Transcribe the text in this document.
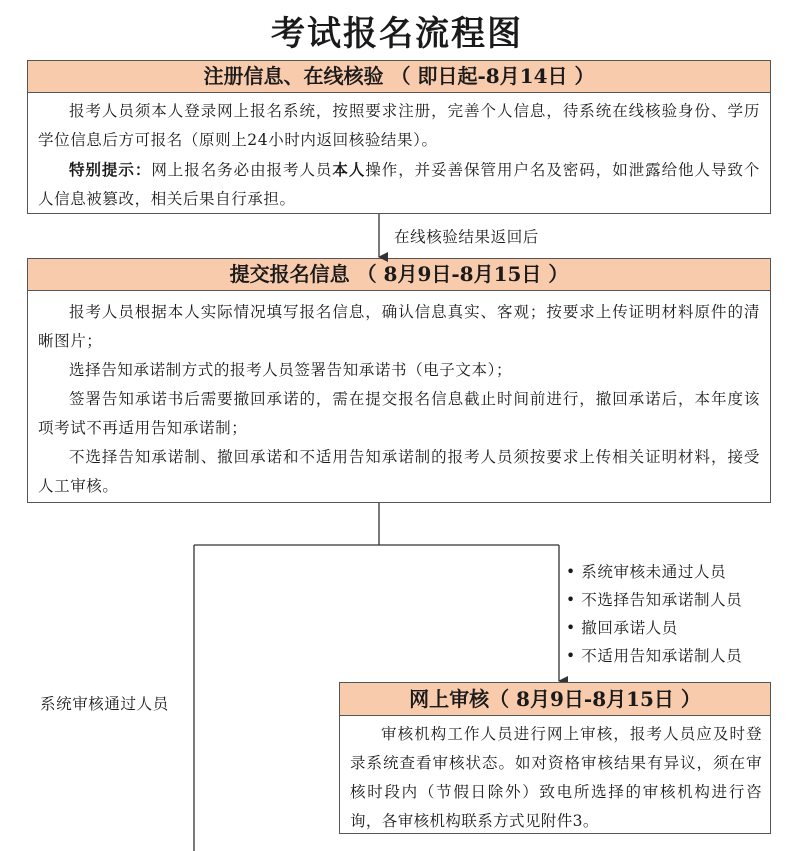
考试报名流程图
注册信息、在线核验 （ 即日起-8月14日 ）
报考人员须本人登录网上报名系统，按照要求注册，完善个人信息，待系统在线核验身份、学历学位信息后方可报名（原则上24小时内返回核验结果）。
特别提示：网上报名务必由报考人员本人操作，并妥善保管用户名及密码，如泄露给他人导致个人信息被篡改，相关后果自行承担。
在线核验结果返回后
提交报名信息 （ 8月9日-8月15日 ）
报考人员根据本人实际情况填写报名信息，确认信息真实、客观；按要求上传证明材料原件的清晰图片；
选择告知承诺制方式的报考人员签署告知承诺书（电子文本）；
签署告知承诺书后需要撤回承诺的，需在提交报名信息截止时间前进行，撤回承诺后，本年度该项考试不再适用告知承诺制；
不选择告知承诺制、撤回承诺和不适用告知承诺制的报考人员须按要求上传相关证明材料，接受人工审核。
系统审核通过人员
• 系统审核未通过人员
• 不选择告知承诺制人员
• 撤回承诺人员
• 不适用告知承诺制人员
网上审核（ 8月9日-8月15日 ）
审核机构工作人员进行网上审核，报考人员应及时登录系统查看审核状态。如对资格审核结果有异议，须在审核时段内（节假日除外）致电所选择的审核机构进行咨询，各审核机构联系方式见附件3。
